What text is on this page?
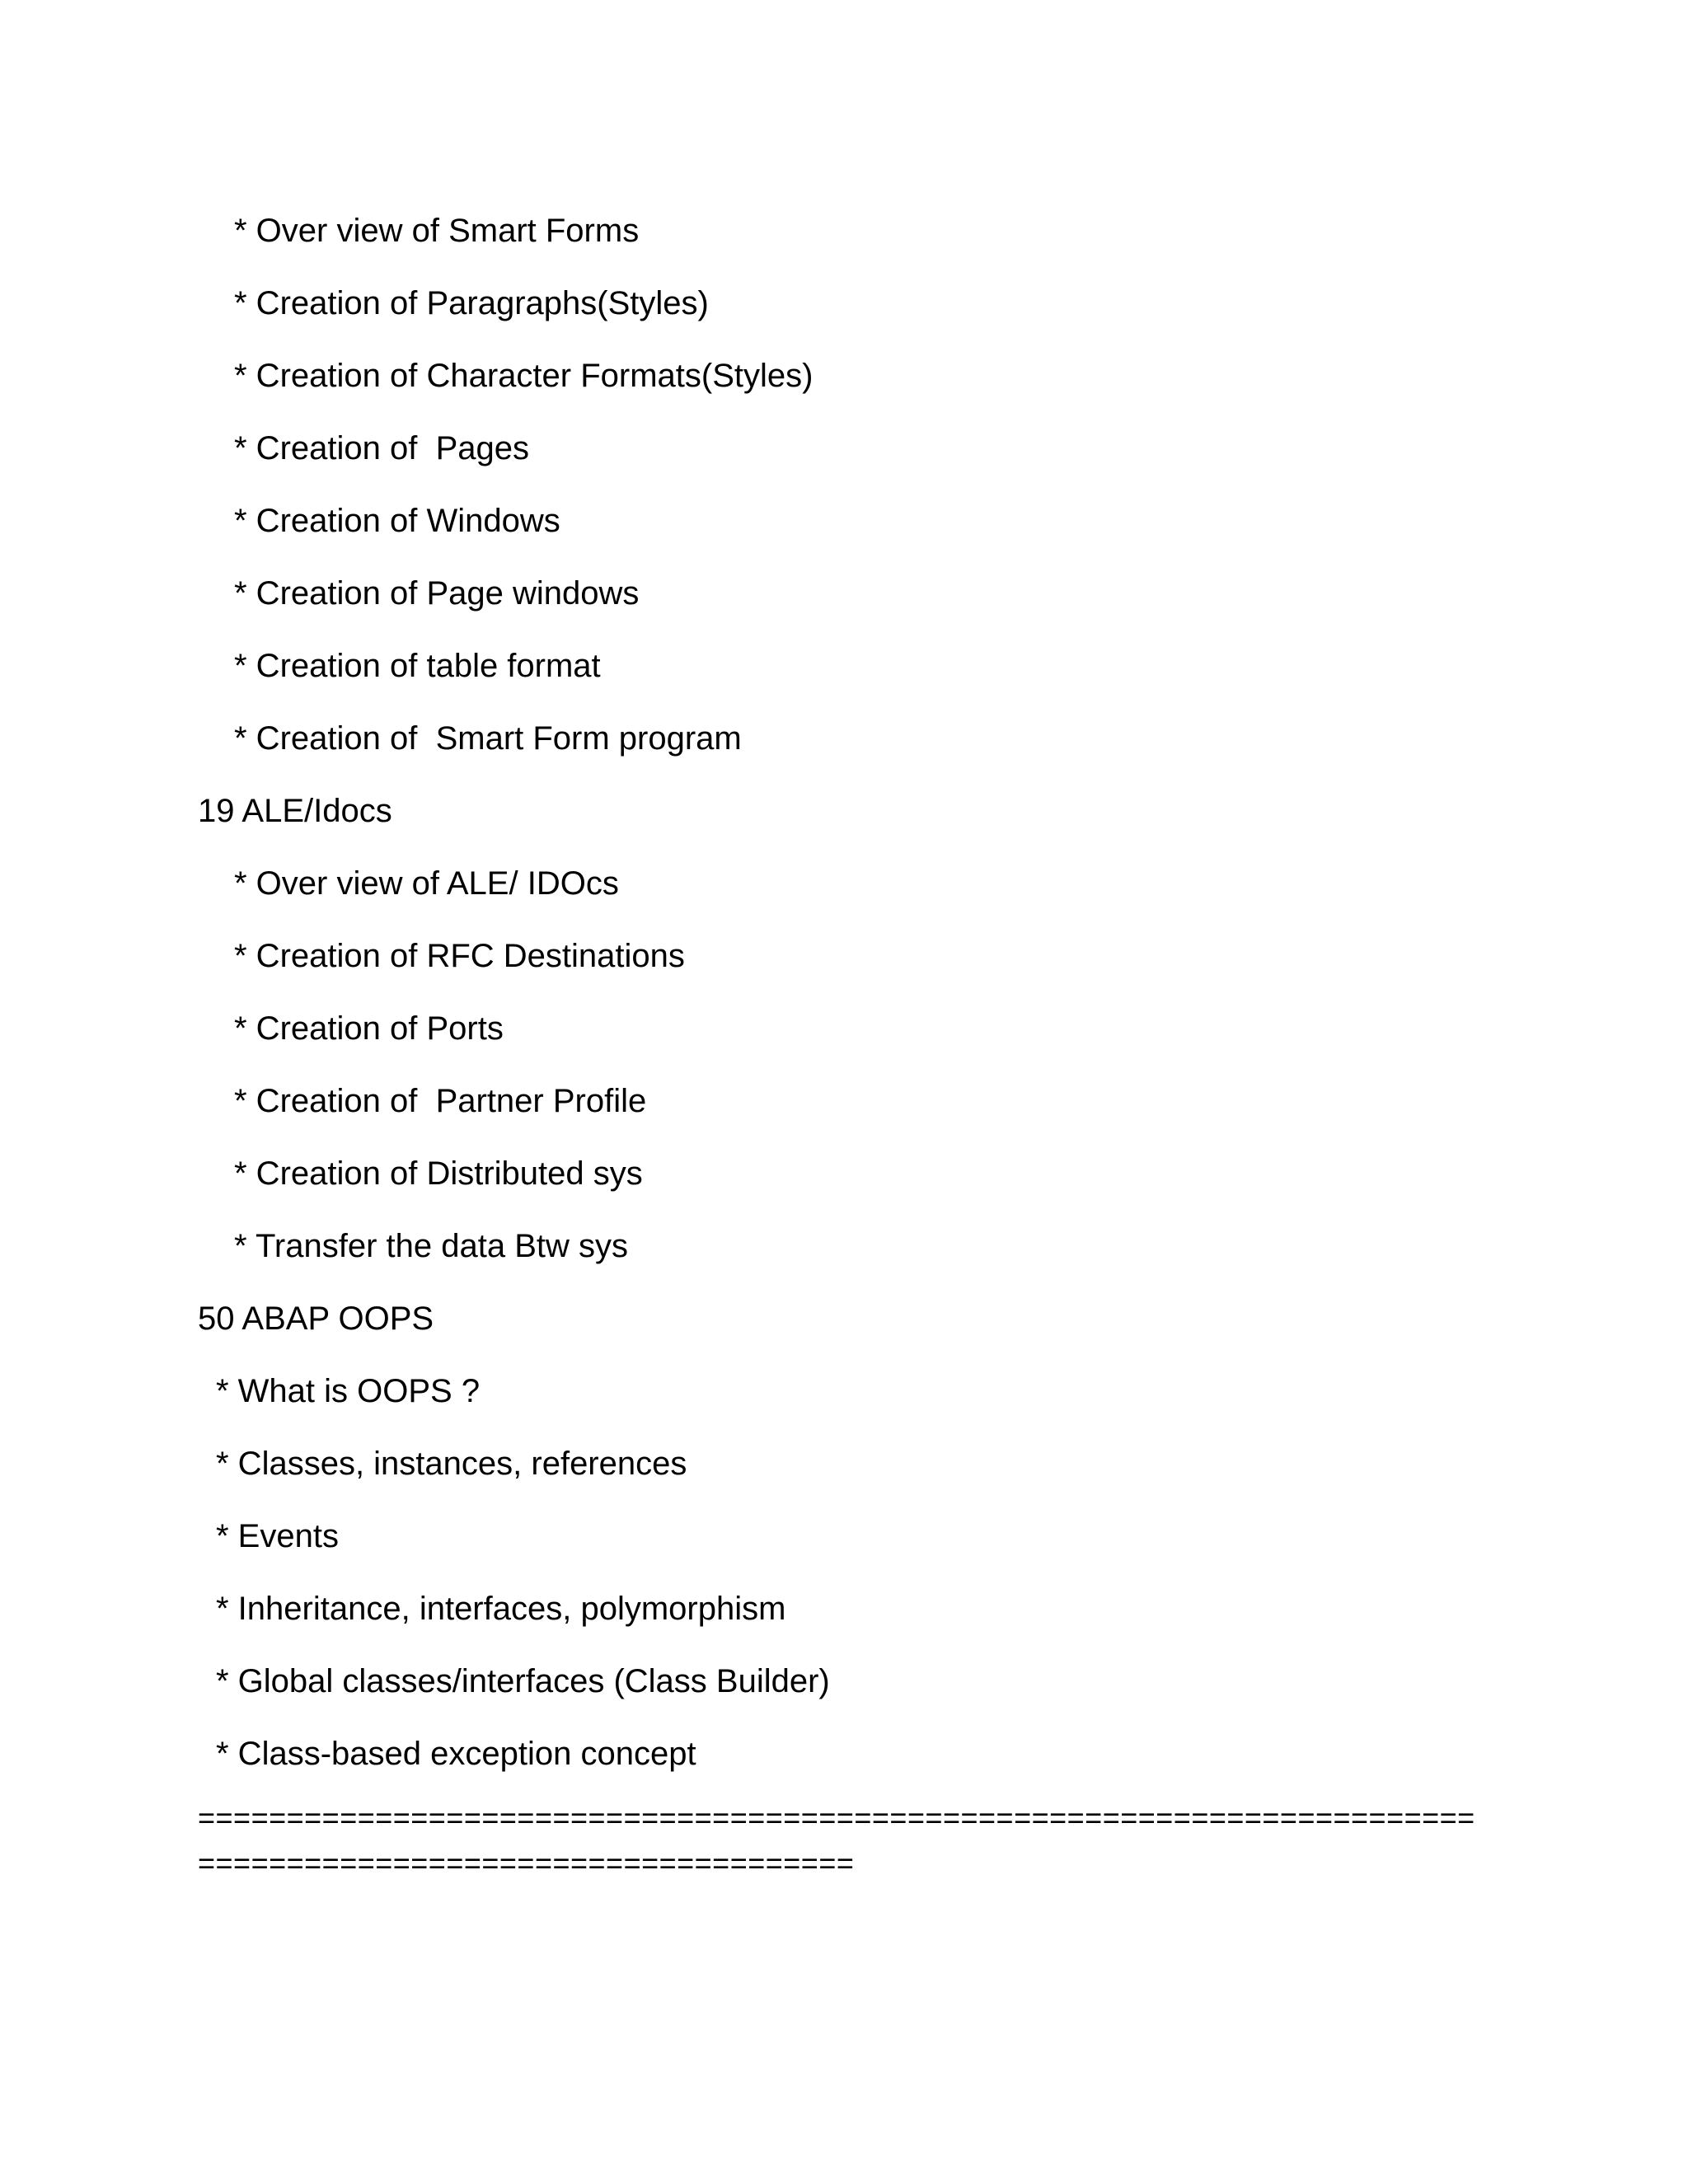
* Over view of Smart Forms
* Creation of Paragraphs(Styles)
* Creation of Character Formats(Styles)
* Creation of  Pages
* Creation of Windows
* Creation of Page windows
* Creation of table format
* Creation of  Smart Form program
19 ALE/Idocs
* Over view of ALE/ IDOcs
* Creation of RFC Destinations
* Creation of Ports
* Creation of  Partner Profile
* Creation of Distributed sys
* Transfer the data Btw sys
50 ABAP OOPS
* What is OOPS ?
* Classes, instances, references
* Events
* Inheritance, interfaces, polymorphism
* Global classes/interfaces (Class Builder)
* Class-based exception concept
========================================================================
=====================================
